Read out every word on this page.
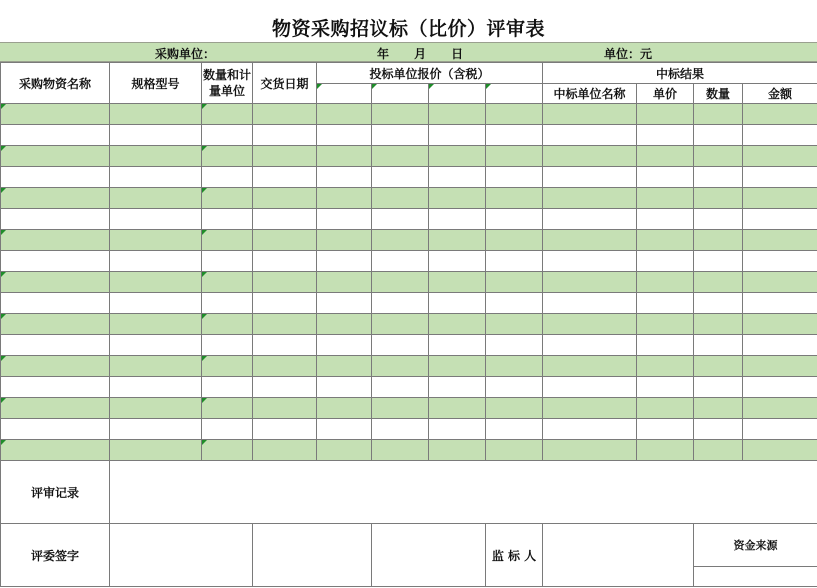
物资采购招议标（比价）评审表
采购单位：	年      月      日	单位：元
采购物资名称	规格型号	数量和计量单位	交货日期	投标单位报价（含税）				中标结果			
								中标单位名称	单价	数量	金额

评审记录											
评委签字							监 标 人			资金来源	
